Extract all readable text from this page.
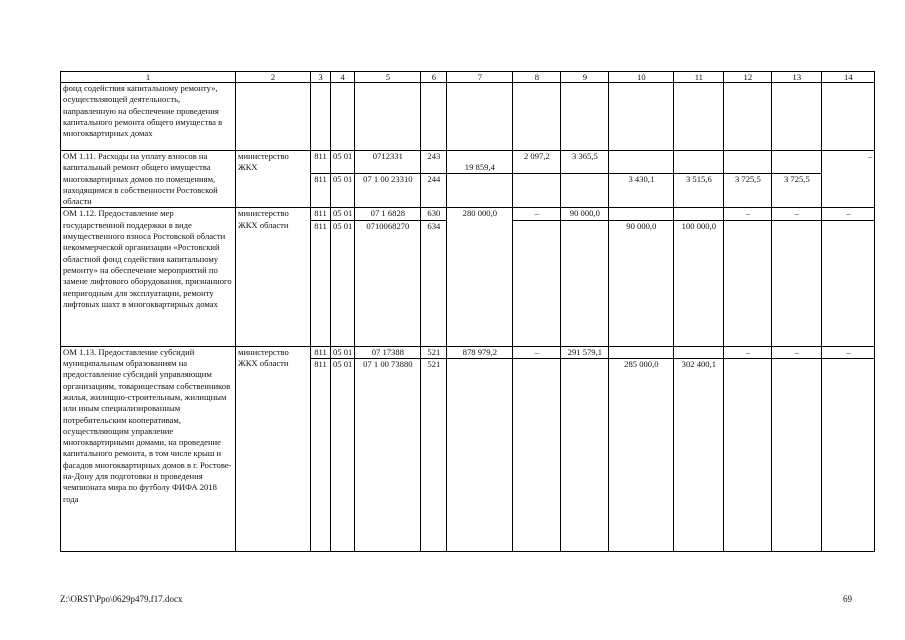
1	2	3	4	5	6	7	8	9	10	11	12	13	14
фонд содействия капитальному ремонту», осуществляющей деятельность, направленную на обеспечение проведения капитального ремонта общего имущества в многоквартирных домах													
ОМ 1.11. Расходы на уплату взносов на капитальный ремонт общего имущества многоквартирных домов по помещениям, находящимся в собственности Ростовской области	министерство ЖКХ	811	05 01	0712331	243	19 859,4	2 097,2	3 365,5					–
		811	05 01	07 1 00 23310	244				3 430,1	3 515,6	3 725,5	3 725,5	
ОМ 1.12. Предоставление мер государственной поддержки в виде имущественного взноса Ростовской области некоммерческой организации «Ростовский областной фонд содействия капитальному ремонту» на обеспечение мероприятий по замене лифтового оборудования, признанного непригодным для эксплуатации, ремонту лифтовых шахт в многоквартирных домах	министерство ЖКХ области	811	05 01	07 1 6828	630	280 000,0	–	90 000,0			–	–	–
		811	05 01	0710068270	634				90 000,0	100 000,0			
ОМ 1.13. Предоставление субсидий муниципальным образованиям на предоставление субсидий управляющим организациям, товариществам собственников жилья, жилищно-строительным, жилищным или иным специализированным потребительским кооперативам, осуществляющим управление многоквартирными домами, на проведение капитального ремонта, в том числе крыш и фасадов многоквартирных домов в г. Ростове-на-Дону для подготовки и проведения чемпионата мира по футболу ФИФА 2018 года	министерство ЖКХ области	811	05 01	07 17388	521	878 979,2	–	291 579,1			–	–	–
		811	05 01	07 1 00 73880	521				285 000,0	302 400,1			
Z:\ORST\Ppo\0629p479.f17.docx	69
